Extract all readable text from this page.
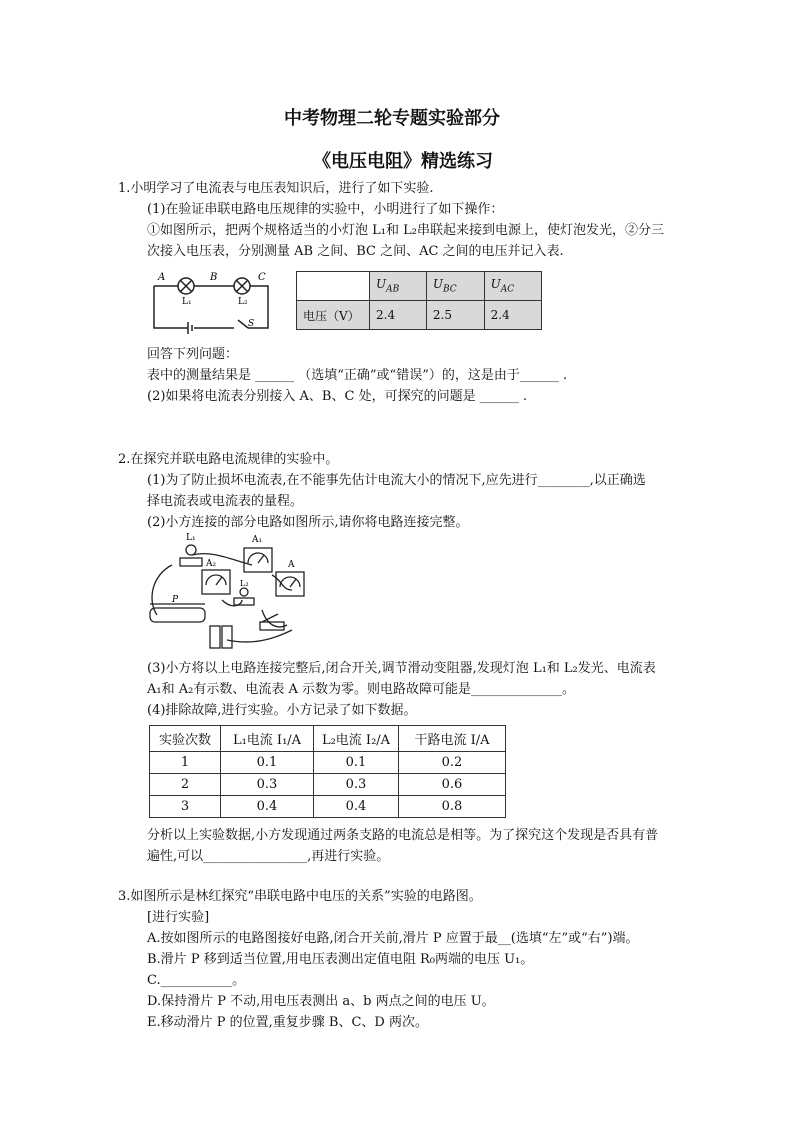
中考物理二轮专题实验部分
《电压电阻》精选练习
1.小明学习了电流表与电压表知识后，进行了如下实验.
(1)在验证串联电路电压规律的实验中，小明进行了如下操作：
①如图所示，把两个规格适当的小灯泡 L₁和 L₂串联起来接到电源上，使灯泡发光，②分三
次接入电压表，分别测量 AB 之间、BC 之间、AC 之间的电压并记入表.
A	B	C
L₁	L₂
S
	$U_{AB}$	$U_{BC}$	$U_{AC}$
电压（V）	2.4	2.5	2.4
回答下列问题：
表中的测量结果是 ______ （选填“正确”或“错误”）的，这是由于______ .
(2)如果将电流表分别接入 A、B、C 处，可探究的问题是 ______ .
2.在探究并联电路电流规律的实验中。
(1)为了防止损坏电流表,在不能事先估计电流大小的情况下,应先进行________,以正确选
择电流表或电流表的量程。
(2)小方连接的部分电路如图所示,请你将电路连接完整。
L₁	A₁
A₂	A
L₂
P
(3)小方将以上电路连接完整后,闭合开关,调节滑动变阻器,发现灯泡 L₁和 L₂发光、电流表
A₁和 A₂有示数、电流表 A 示数为零。则电路故障可能是______________。
(4)排除故障,进行实验。小方记录了如下数据。
实验次数	L₁电流 I₁/A	L₂电流 I₂/A	干路电流 I/A
1	0.1	0.1	0.2
2	0.3	0.3	0.6
3	0.4	0.4	0.8
分析以上实验数据,小方发现通过两条支路的电流总是相等。为了探究这个发现是否具有普
遍性,可以________________,再进行实验。
3.如图所示是林红探究“串联电路中电压的关系”实验的电路图。
[进行实验]
A.按如图所示的电路图接好电路,闭合开关前,滑片 P 应置于最__(选填“左”或“右”)端。
B.滑片 P 移到适当位置,用电压表测出定值电阻 R₀两端的电压 U₁。
C.___________。
D.保持滑片 P 不动,用电压表测出 a、b 两点之间的电压 U。
E.移动滑片 P 的位置,重复步骤 B、C、D 两次。
